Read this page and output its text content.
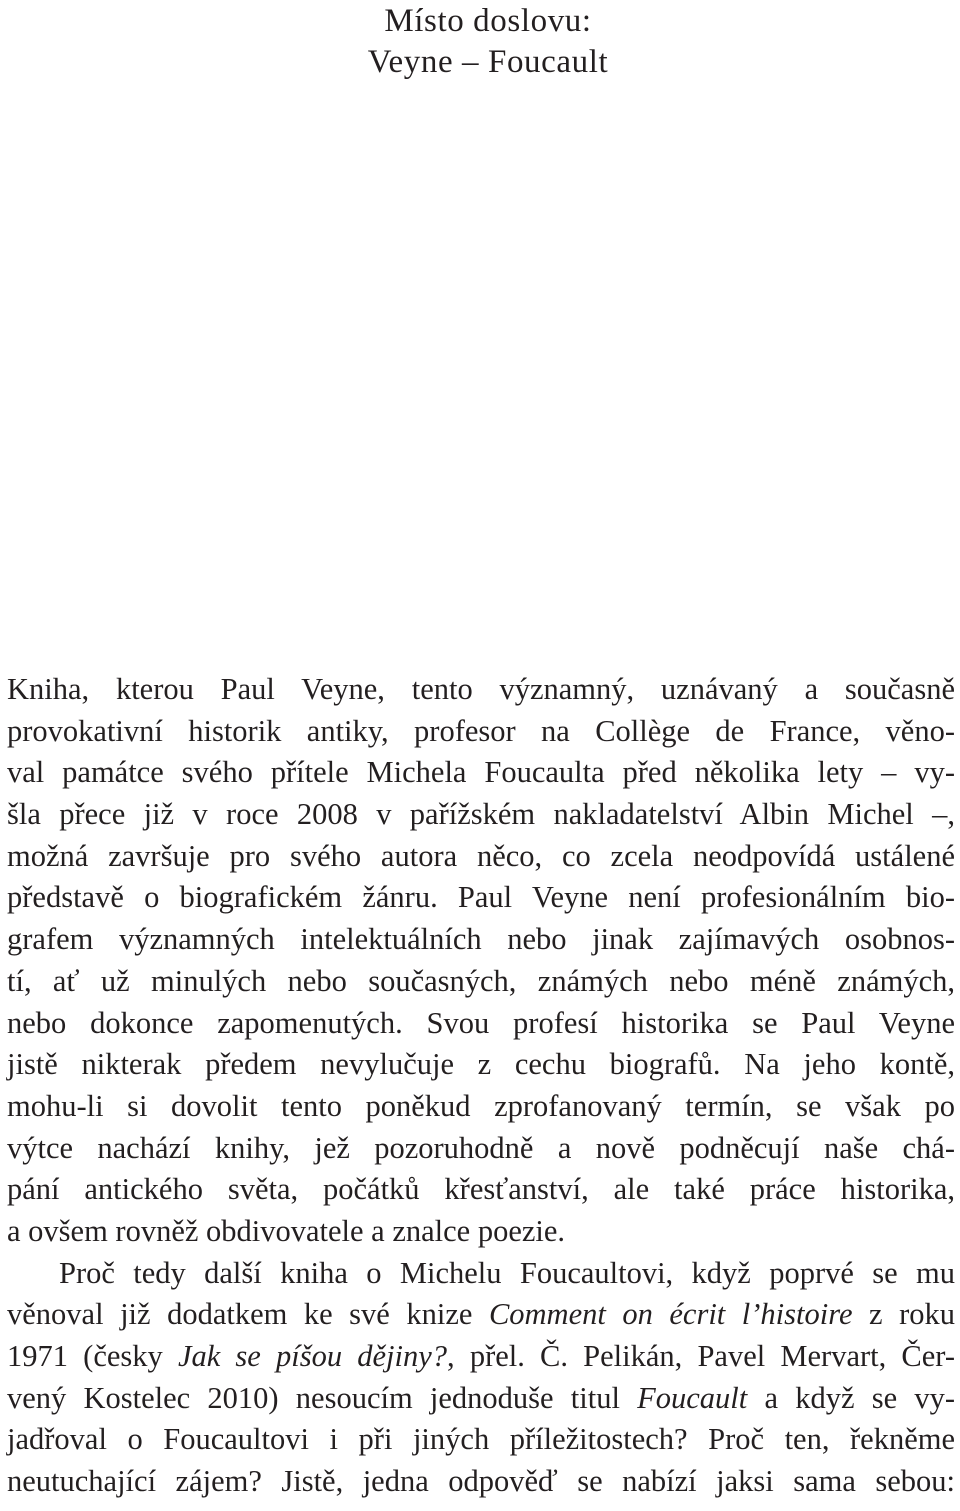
Místo doslovu:
Veyne – Foucault
Kniha, kterou Paul Veyne, tento významný, uznávaný a současně
provokativní historik antiky, profesor na Collège de France, věno-
val památce svého přítele Michela Foucaulta před několika lety – vy-
šla přece již v roce 2008 v pařížském nakladatelství Albin Michel –,
možná završuje pro svého autora něco, co zcela neodpovídá ustálené
představě o biografickém žánru. Paul Veyne není profesionálním bio-
grafem významných intelektuálních nebo jinak zajímavých osobnos-
tí, ať už minulých nebo současných, známých nebo méně známých,
nebo dokonce zapomenutých. Svou profesí historika se Paul Veyne
jistě nikterak předem nevylučuje z cechu biografů. Na jeho kontě,
mohu-li si dovolit tento poněkud zprofanovaný termín, se však po
výtce nachází knihy, jež pozoruhodně a nově podněcují naše chá-
pání antického světa, počátků křesťanství, ale také práce historika,
a ovšem rovněž obdivovatele a znalce poezie.
Proč tedy další kniha o Michelu Foucaultovi, když poprvé se mu
věnoval již dodatkem ke své knize Comment on écrit l’histoire z roku
1971 (česky Jak se píšou dějiny?, přel. Č. Pelikán, Pavel Mervart, Čer-
vený Kostelec 2010) nesoucím jednoduše titul Foucault a když se vy-
jadřoval o Foucaultovi i při jiných příležitostech? Proč ten, řekněme
neutuchající zájem? Jistě, jedna odpověď se nabízí jaksi sama sebou:
